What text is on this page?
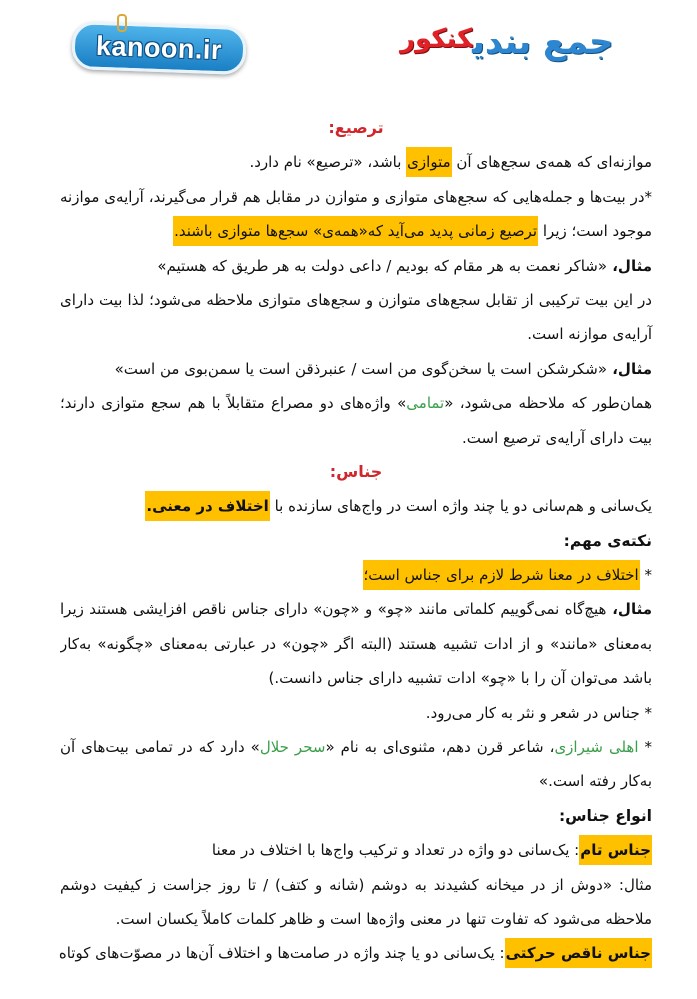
kanoon.ir	جمع بندیکنکور
ترصیع:
موازنه‌ای که همه‌ی سجع‌های آن متوازی باشد، «ترصیع» نام دارد.
*در بیت‌ها و جمله‌هایی که سجع‌های متوازی و متوازن در مقابل هم قرار می‌گیرند، آرایه‌ی موازنه
موجود است؛ زیرا ترصیع زمانی پدید می‌آید که«همه‌ی» سجع‌ها متوازی باشند.
مثال، «شاکر نعمت به هر مقام که بودیم / داعی دولت به هر طریق که هستیم»
در این بیت ترکیبی از تقابل سجع‌های متوازن و سجع‌های متوازی ملاحظه می‌شود؛ لذا بیت دارای
آرایه‌ی موازنه است.
مثال، «شکرشکن است یا سخن‌گوی من است / عنبرذقن است یا سمن‌بوی من است»
همان‌طور که ملاحظه می‌شود، «تمامی» واژه‌های دو مصراع متقابلاً با هم سجع متوازی دارند؛
بیت دارای آرایه‌ی ترصیع است.
جناس:
یک‌سانی و هم‌سانی دو یا چند واژه است در واج‌های سازنده با اختلاف در معنی.
نکته‌ی مهم:
* اختلاف در معنا شرط لازم برای جناس است؛
مثال، هیچ‌گاه نمی‌گوییم کلماتی مانند «چو» و «چون» دارای جناس ناقص افزایشی هستند زیرا
به‌معنای «مانند» و از ادات تشبیه هستند (البته اگر «چون» در عبارتی به‌معنای «چگونه» به‌کار
باشد می‌توان آن را با «چو» ادات تشبیه دارای جناس دانست.)
* جناس در شعر و نثر به کار می‌رود.
* اهلی شیرازی، شاعر قرن دهم، مثنوی‌ای به نام «سحر حلال» دارد که در تمامی بیت‌های آن
به‌کار رفته است.»
انواع جناس:
جناس تام: یک‌سانی دو واژه در تعداد و ترکیب واج‌ها با اختلاف در معنا
مثال: «دوش از در میخانه کشیدند به دوشم (شانه و کتف) / تا روز جزاست ز کیفیت دوشم
ملاحظه می‌شود که تفاوت تنها در معنی واژه‌ها است و ظاهر کلمات کاملاً یکسان است.
جناس ناقص حرکتی: یک‌سانی دو یا چند واژه در صامت‌ها و اختلاف آن‌ها در مصوّت‌های کوتاه
